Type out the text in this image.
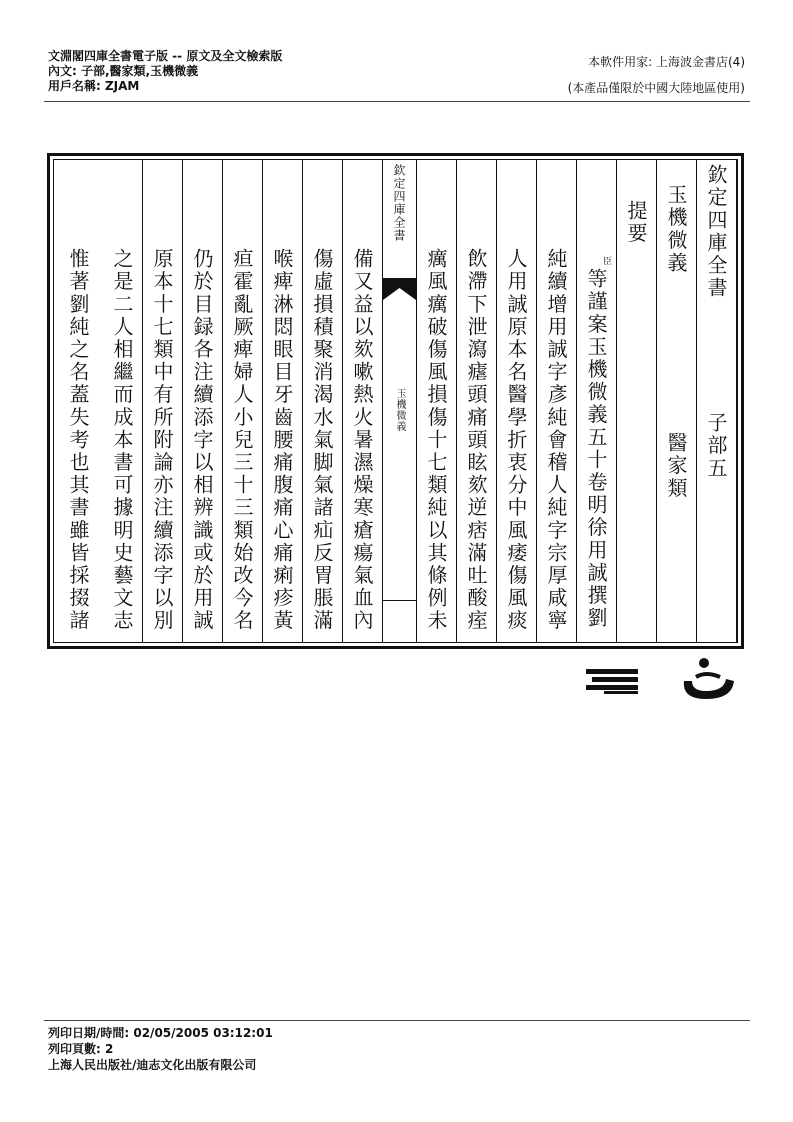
文淵閣四庫全書電子版 -- 原文及全文檢索版
內文: 子部,醫家類,玉機微義
用戶名稱: ZJAM
本軟件用家: 上海波金書店(4)
(本產品僅限於中國大陸地區使用)
欽定四庫全書
子部五
玉機微義
醫家類
提要
臣
等謹案玉機微義五十卷明徐用誠撰劉
純續增用誠字彥純會稽人純字宗厚咸寧
人用誠原本名醫學折衷分中風痿傷風痰
飲滯下泄瀉瘧頭痛頭眩欬逆痞滿吐酸痓
癘風癘破傷風損傷十七類純以其條例未
欽定四庫全書
玉機微義
備又益以欬嗽熱火暑濕燥寒瘡瘍氣血內
傷虛損積聚消渴水氣脚氣諸疝反胃脹滿
喉痺淋悶眼目牙齒腰痛腹痛心痛痢疹黃
疸霍亂厥痺婦人小兒三十三類始改今名
仍於目録各注續添字以相辨識或於用誠
原本十七類中有所附論亦注續添字以別
之是二人相繼而成本書可據明史藝文志
惟著劉純之名蓋失考也其書雖皆採掇諸
列印日期/時間: 02/05/2005 03:12:01
列印頁數: 2
上海人民出版社/迪志文化出版有限公司
